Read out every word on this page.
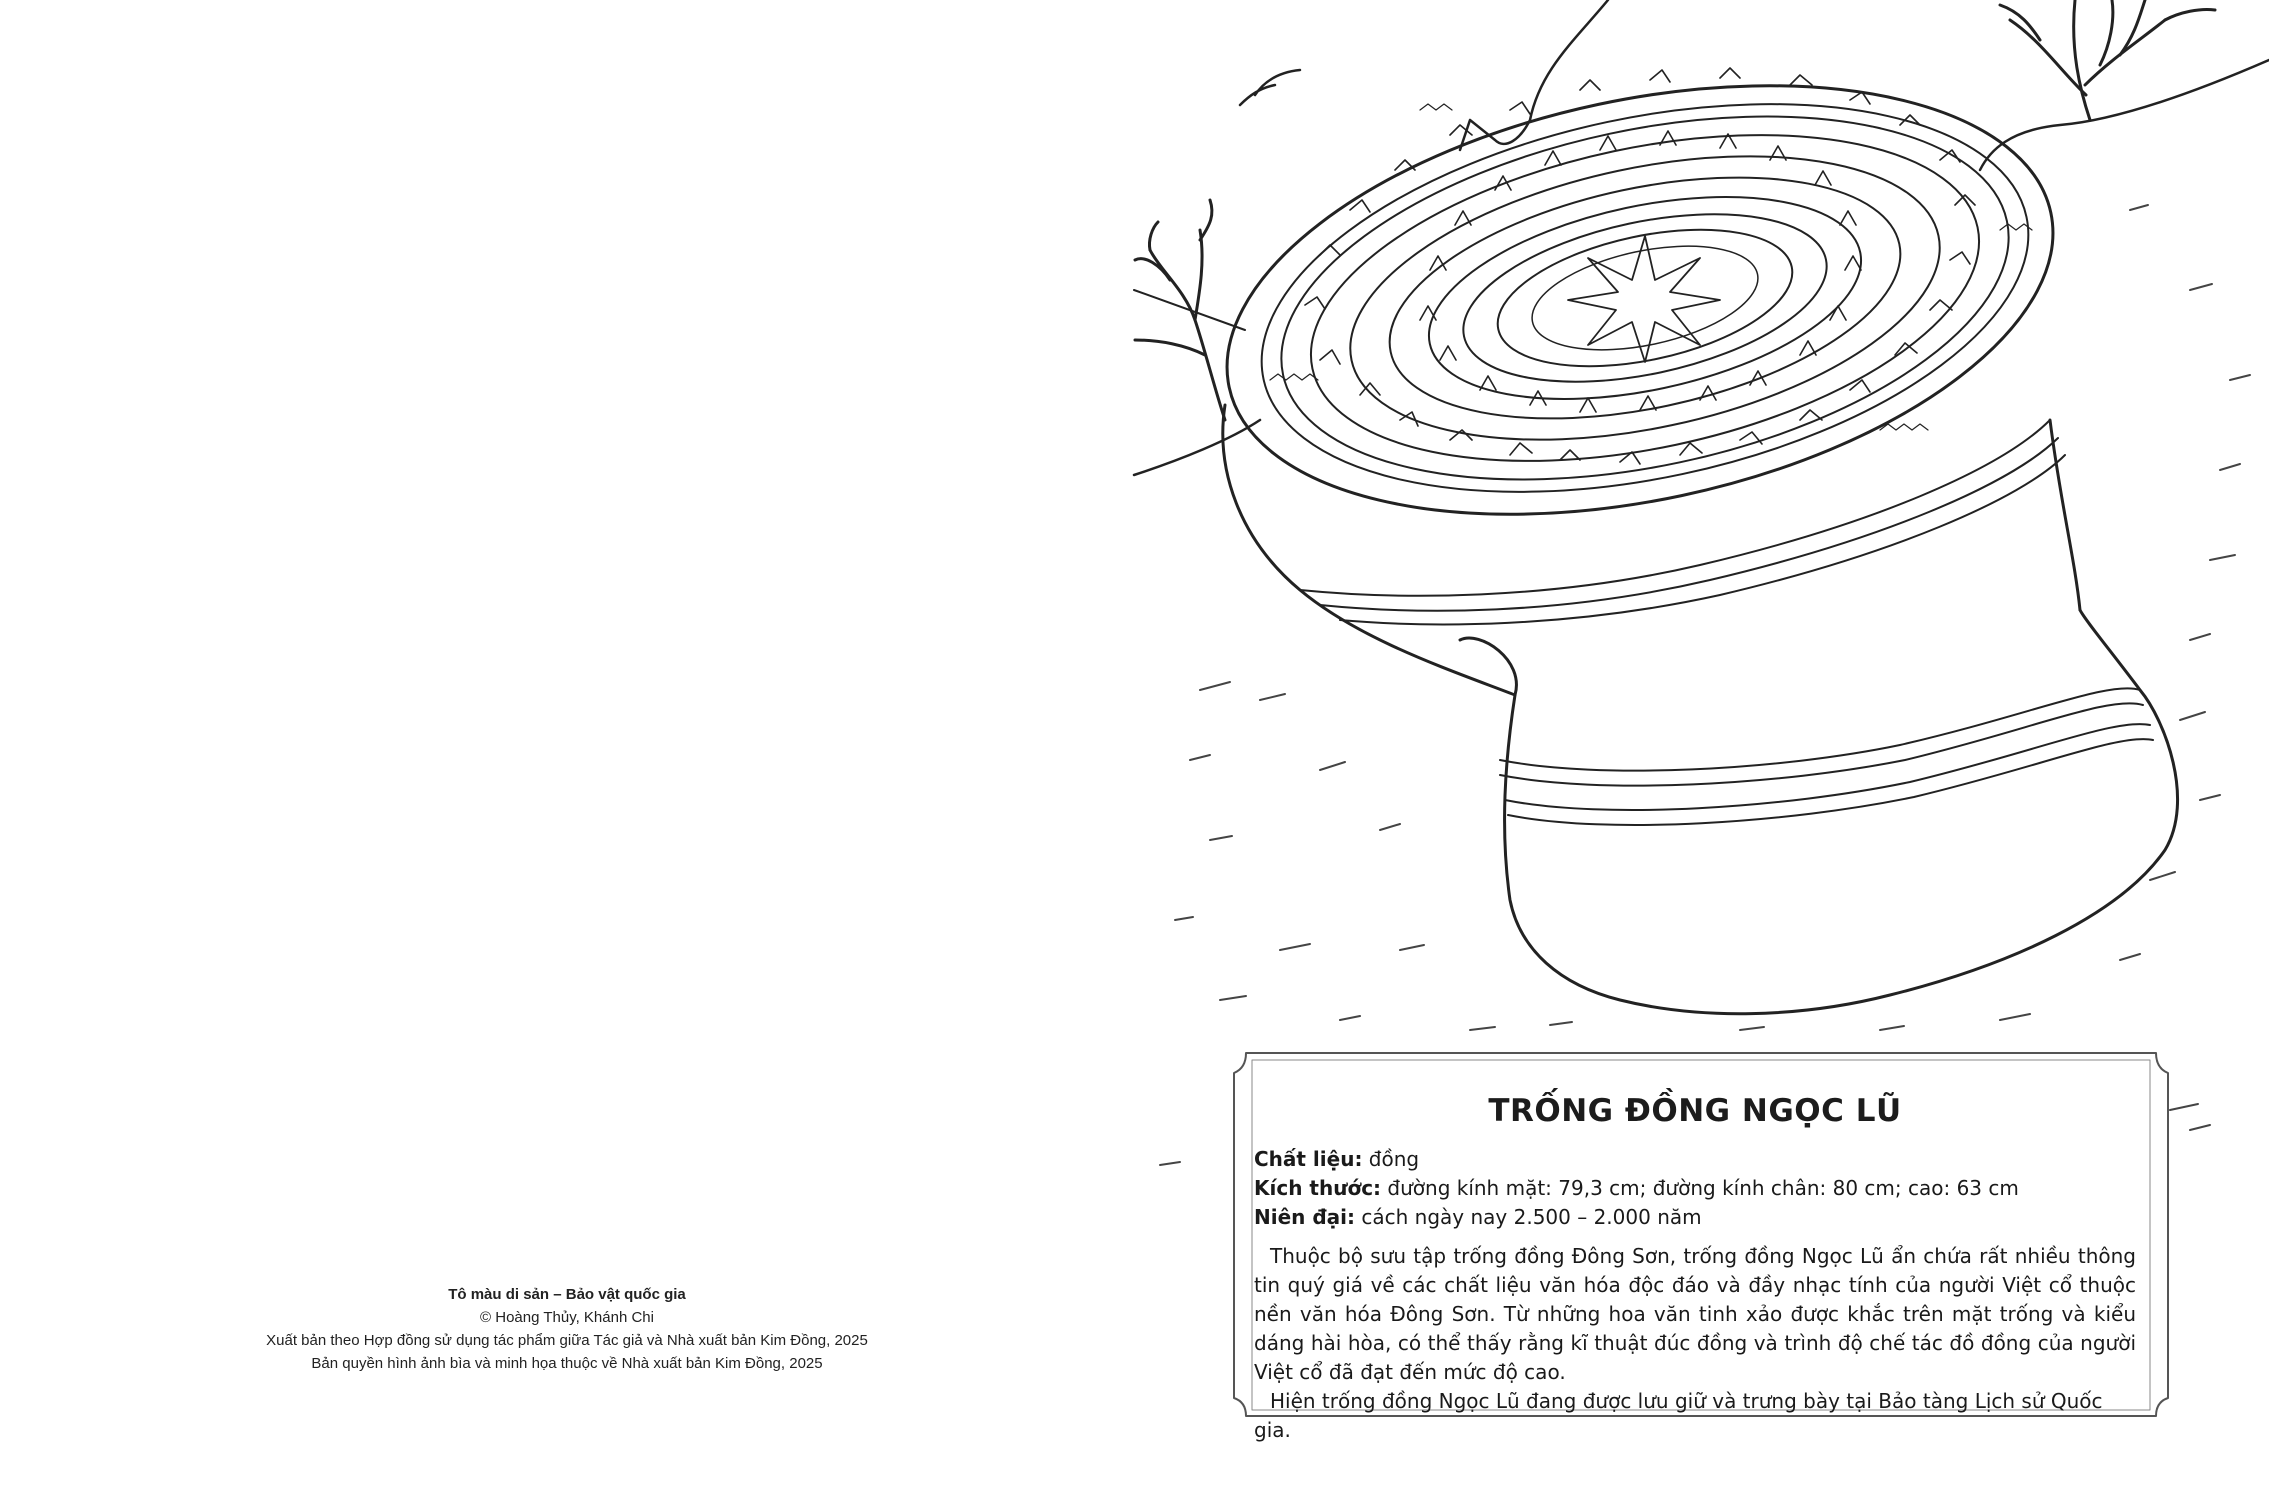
Tô màu di sản – Bảo vật quốc gia
© Hoàng Thủy, Khánh Chi
Xuất bản theo Hợp đồng sử dụng tác phẩm giữa Tác giả và Nhà xuất bản Kim Đồng, 2025
Bản quyền hình ảnh bìa và minh họa thuộc về Nhà xuất bản Kim Đồng, 2025
TRỐNG ĐỒNG NGỌC LŨ
Chất liệu: đồng
Kích thước: đường kính mặt: 79,3 cm; đường kính chân: 80 cm; cao: 63 cm
Niên đại: cách ngày nay 2.500 – 2.000 năm
Thuộc bộ sưu tập trống đồng Đông Sơn, trống đồng Ngọc Lũ ẩn chứa rất nhiều thông tin quý giá về các chất liệu văn hóa độc đáo và đầy nhạc tính của người Việt cổ thuộc nền văn hóa Đông Sơn. Từ những hoa văn tinh xảo được khắc trên mặt trống và kiểu dáng hài hòa, có thể thấy rằng kĩ thuật đúc đồng và trình độ chế tác đồ đồng của người Việt cổ đã đạt đến mức độ cao.
Hiện trống đồng Ngọc Lũ đang được lưu giữ và trưng bày tại Bảo tàng Lịch sử Quốc gia.
